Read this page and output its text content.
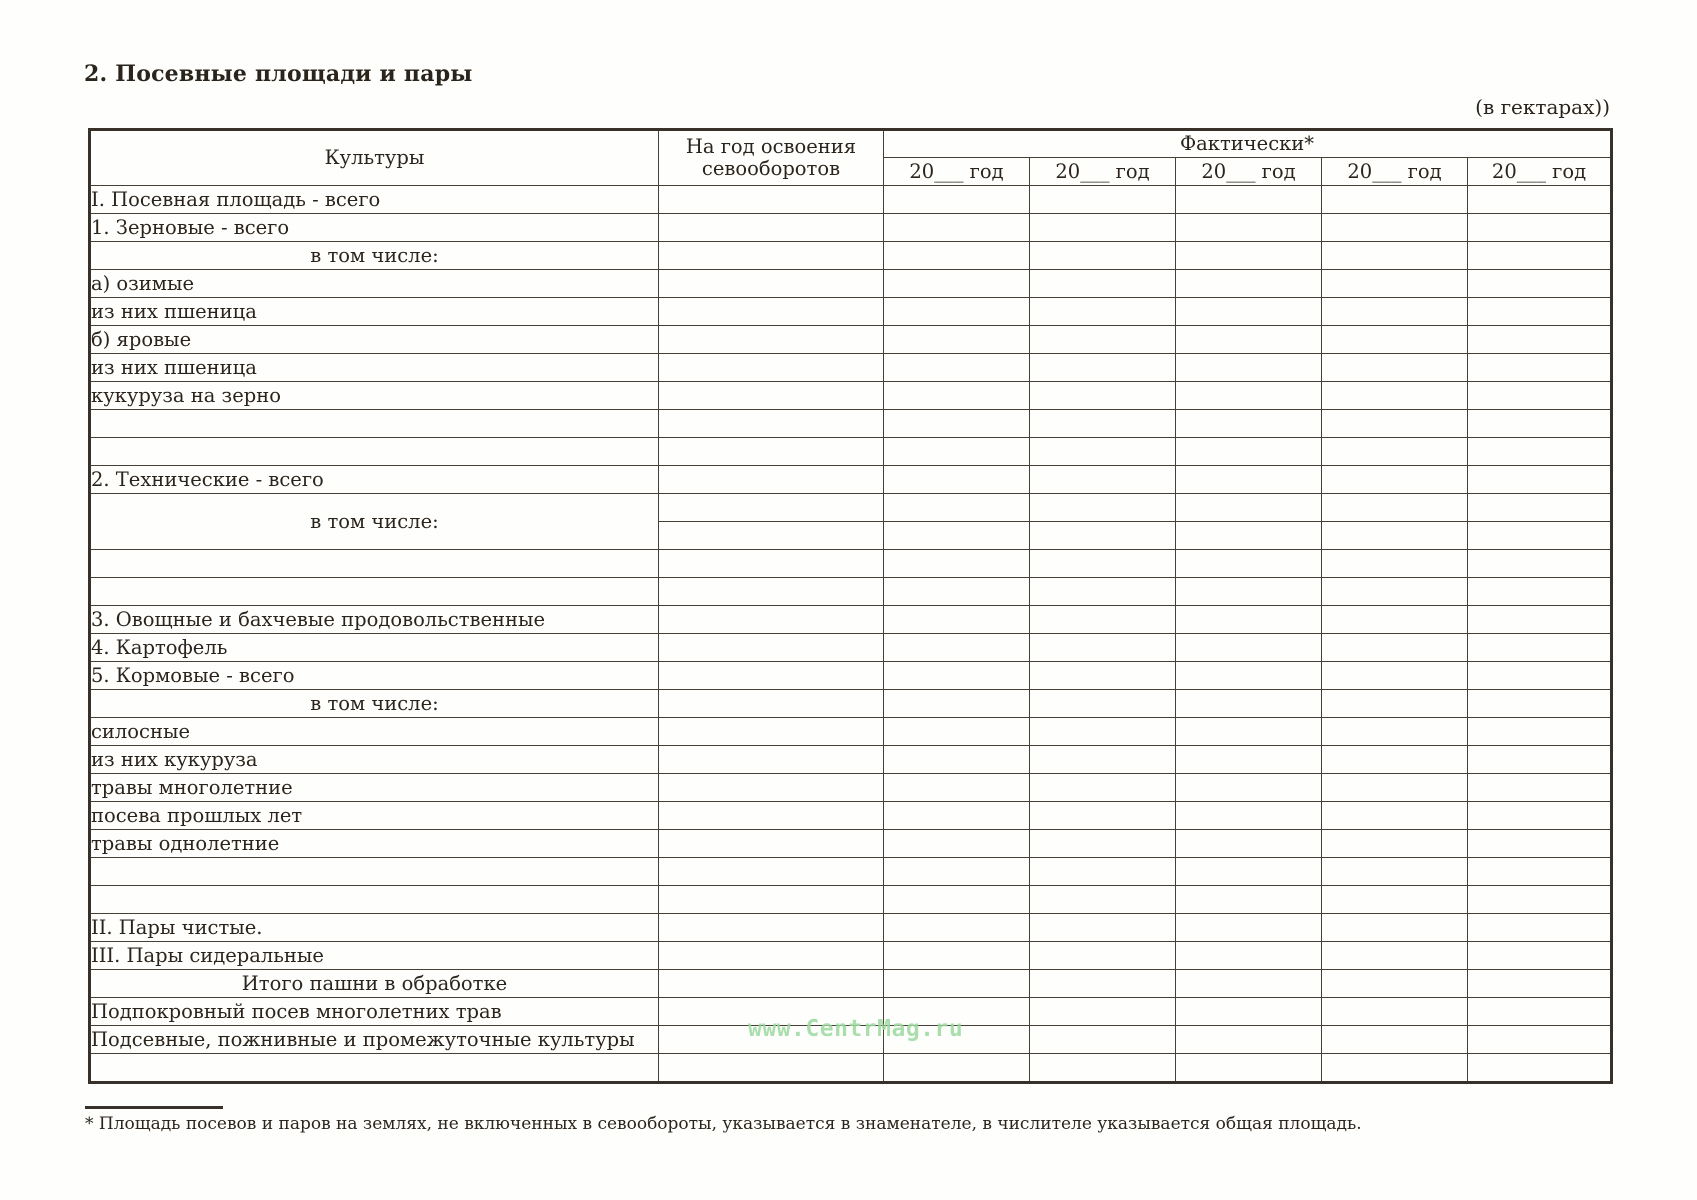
2. Посевные площади и пары
(в гектарах))
Культуры	На год освоения севооборотов	Фактически*				
		20___ год	20___ год	20___ год	20___ год	20___ год
I. Посевная площадь - всего						
1. Зерновые - всего						
в том числе:						
а) озимые						
из них пшеница						
б) яровые						
из них пшеница						
кукуруза на зерно						

2. Технические - всего						
в том числе:						

3. Овощные и бахчевые продовольственные						
4. Картофель						
5. Кормовые - всего						
в том числе:						
силосные						
из них кукуруза						
травы многолетние						
посева прошлых лет						
травы однолетние						

II. Пары чистые.						
III. Пары сидеральные						
Итого пашни в обработке						
Подпокровный посев многолетних трав						
Подсевные, пожнивные и промежуточные культуры						
							www.CentrMag.ru

* Площадь посевов и паров на землях, не включенных в севообороты, указывается в знаменателе, в числителе указывается общая площадь.
